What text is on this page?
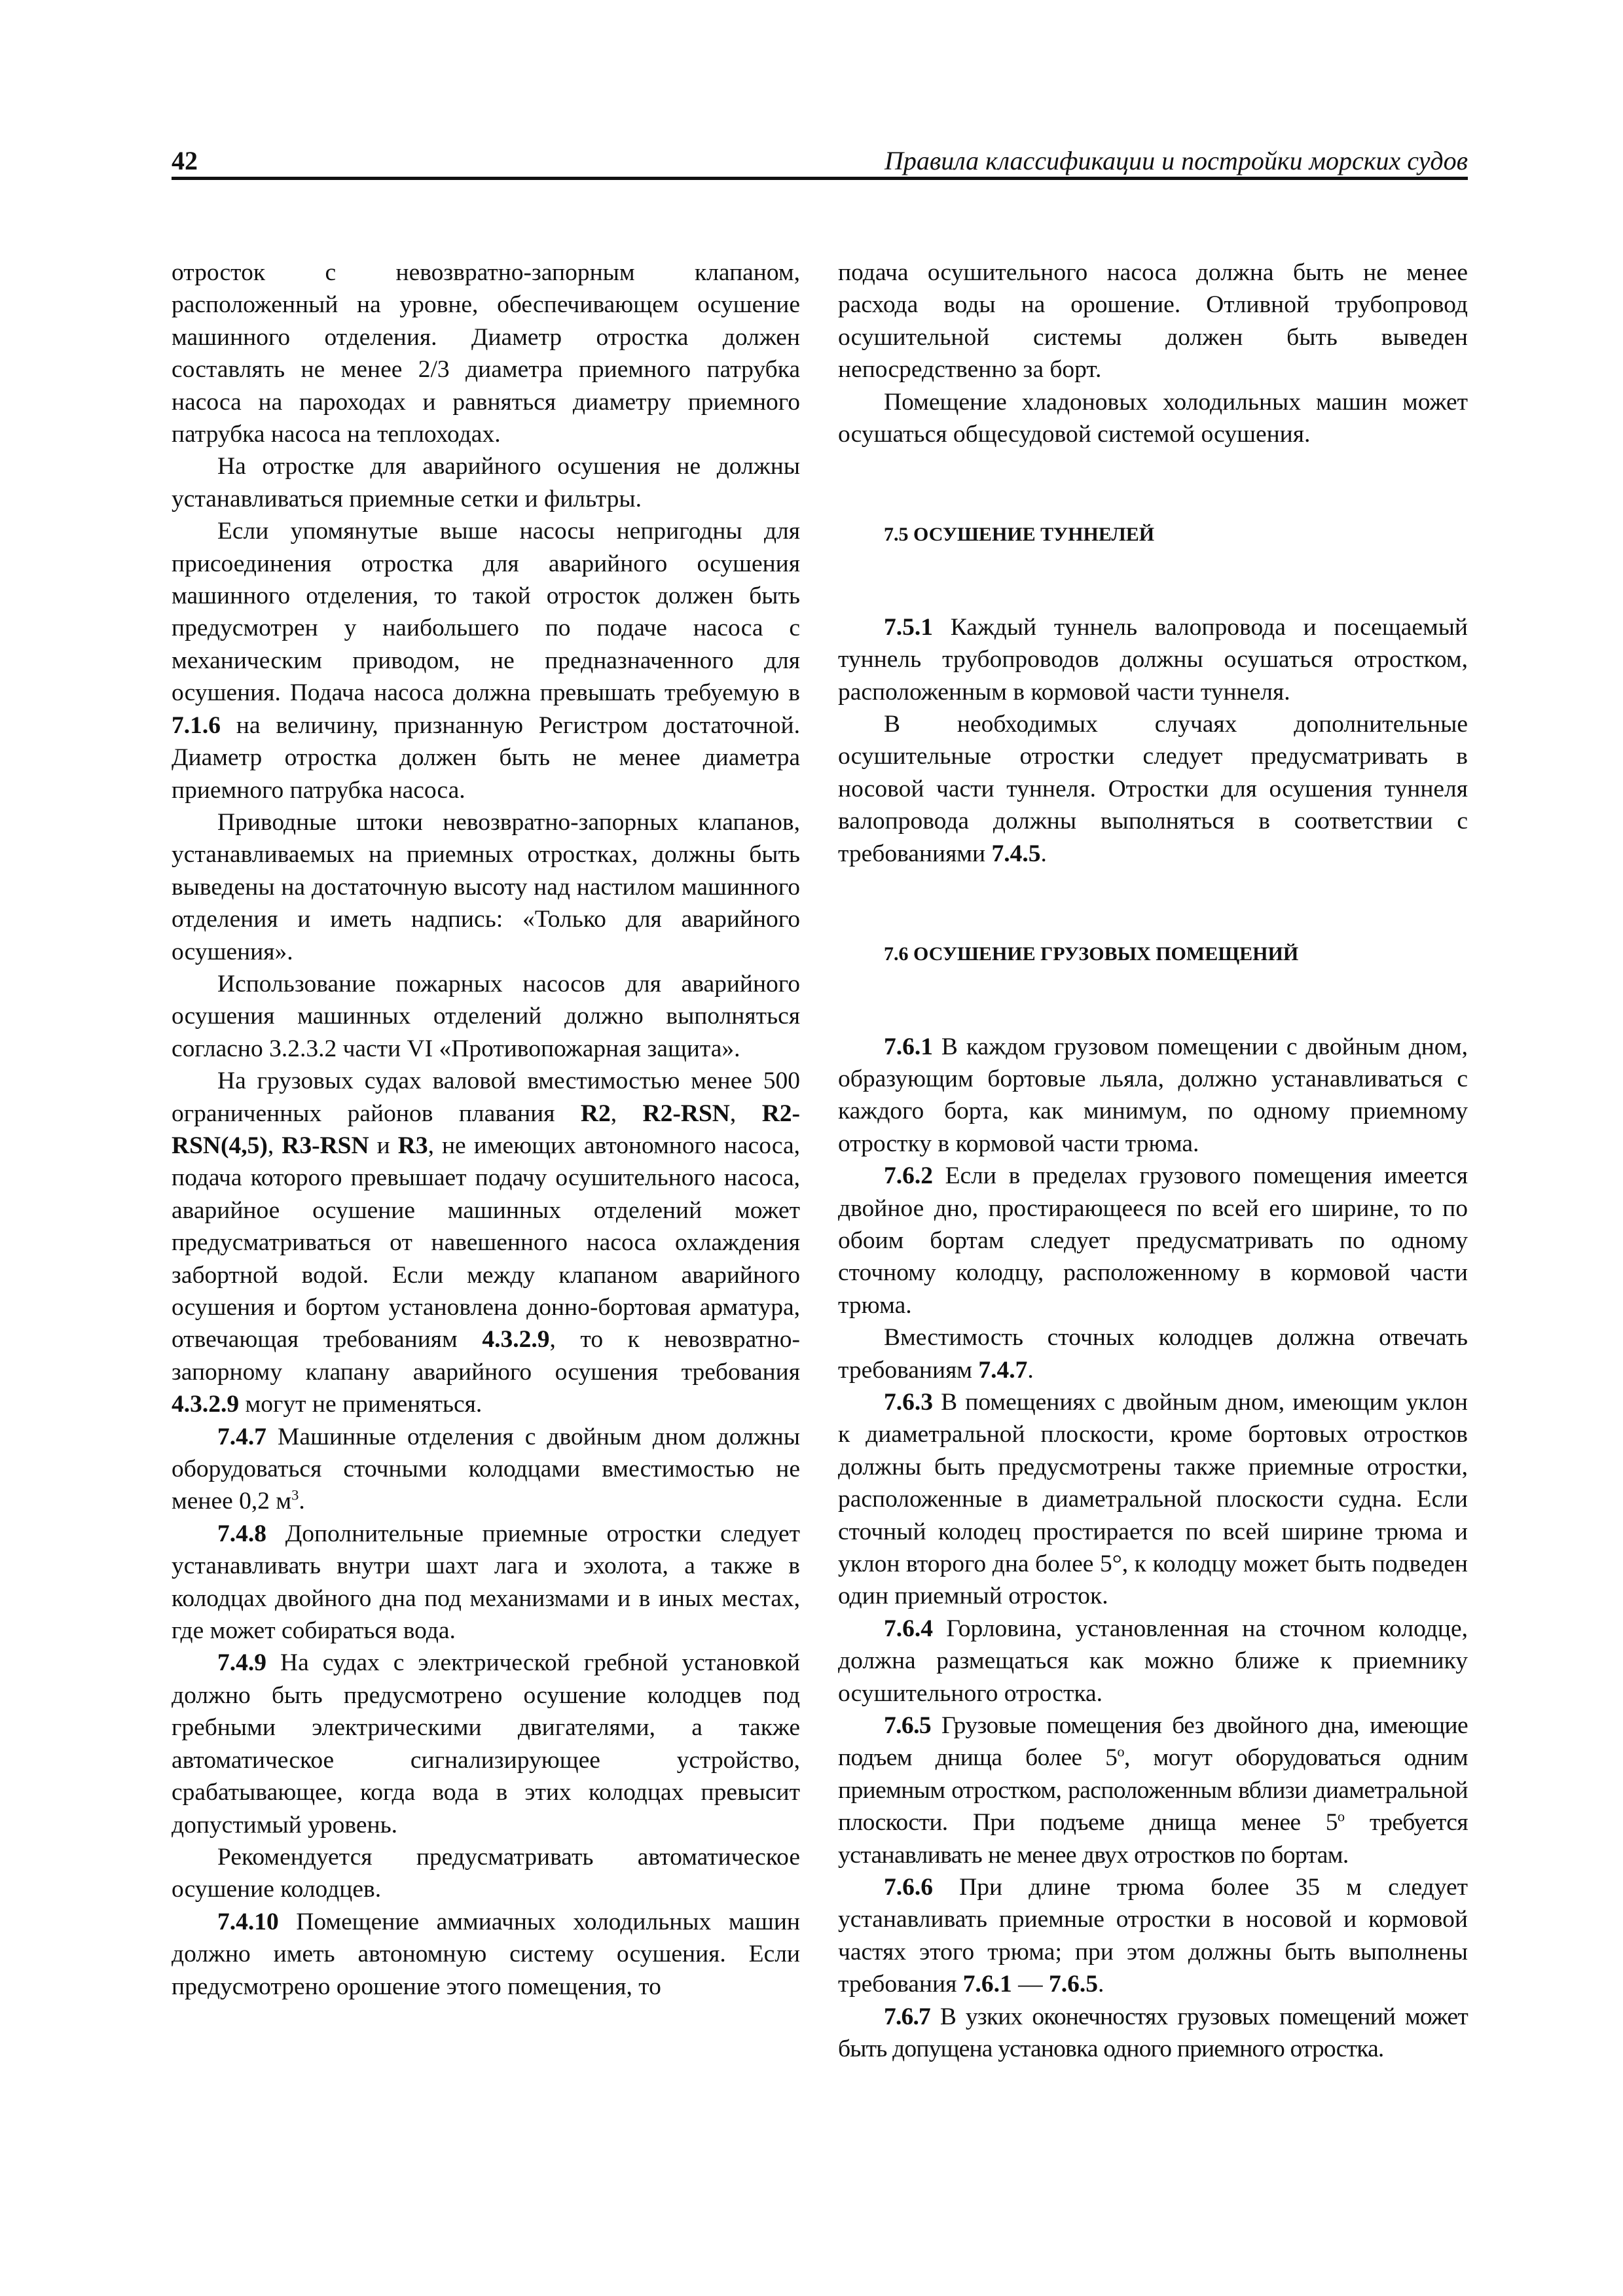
42	Правила классификации и постройки морских судов

отросток с невозвратно-запорным клапаном, расположенный на уровне, обеспечивающем осушение машинного отделения. Диаметр отростка должен составлять не менее 2/3 диаметра приемного патрубка насоса на пароходах и равняться диаметру приемного патрубка насоса на теплоходах.

На отростке для аварийного осушения не должны устанавливаться приемные сетки и фильтры.

Если упомянутые выше насосы непригодны для присоединения отростка для аварийного осушения машинного отделения, то такой отросток должен быть предусмотрен у наибольшего по подаче насоса с механическим приводом, не предназначенного для осушения. Подача насоса должна превышать требуемую в 7.1.6 на величину, признанную Регистром достаточной. Диаметр отростка должен быть не менее диаметра приемного патрубка насоса.

Приводные штоки невозвратно-запорных клапанов, устанавливаемых на приемных отростках, должны быть выведены на достаточную высоту над настилом машинного отделения и иметь надпись: «Только для аварийного осушения».

Использование пожарных насосов для аварийного осушения машинных отделений должно выполняться согласно 3.2.3.2 части VI «Противопожарная защита».

На грузовых судах валовой вместимостью менее 500 ограниченных районов плавания R2, R2-RSN, R2-RSN(4,5), R3-RSN и R3, не имеющих автономного насоса, подача которого превышает подачу осушительного насоса, аварийное осушение машинных отделений может предусматриваться от навешенного насоса охлаждения забортной водой. Если между клапаном аварийного осушения и бортом установлена донно-бортовая арматура, отвечающая требованиям 4.3.2.9, то к невозвратно-запорному клапану аварийного осушения требования 4.3.2.9 могут не применяться.

7.4.7 Машинные отделения с двойным дном должны оборудоваться сточными колодцами вместимостью не менее 0,2 $м^3$.

7.4.8 Дополнительные приемные отростки следует устанавливать внутри шахт лага и эхолота, а также в колодцах двойного дна под механизмами и в иных местах, где может собираться вода.

7.4.9 На судах с электрической гребной установкой должно быть предусмотрено осушение колодцев под гребными электрическими двигателями, а также автоматическое сигнализирующее устройство, срабатывающее, когда вода в этих колодцах превысит допустимый уровень.

Рекомендуется предусматривать автоматическое осушение колодцев.

7.4.10 Помещение аммиачных холодильных машин должно иметь автономную систему осушения. Если предусмотрено орошение этого помещения, то

подача осушительного насоса должна быть не менее расхода воды на орошение. Отливной трубопровод осушительной системы должен быть выведен непосредственно за борт.

Помещение хладоновых холодильных машин может осушаться общесудовой системой осушения.

7.5 ОСУШЕНИЕ ТУННЕЛЕЙ

7.5.1 Каждый туннель валопровода и посещаемый туннель трубопроводов должны осушаться отростком, расположенным в кормовой части туннеля.

В необходимых случаях дополнительные осушительные отростки следует предусматривать в носовой части туннеля. Отростки для осушения туннеля валопровода должны выполняться в соответствии с требованиями 7.4.5.

7.6 ОСУШЕНИЕ ГРУЗОВЫХ ПОМЕЩЕНИЙ

7.6.1 В каждом грузовом помещении с двойным дном, образующим бортовые льяла, должно устанавливаться с каждого борта, как минимум, по одному приемному отростку в кормовой части трюма.

7.6.2 Если в пределах грузового помещения имеется двойное дно, простирающееся по всей его ширине, то по обоим бортам следует предусматривать по одному сточному колодцу, расположенному в кормовой части трюма.

Вместимость сточных колодцев должна отвечать требованиям 7.4.7.

7.6.3 В помещениях с двойным дном, имеющим уклон к диаметральной плоскости, кроме бортовых отростков должны быть предусмотрены также приемные отростки, расположенные в диаметральной плоскости судна. Если сточный колодец простирается по всей ширине трюма и уклон второго дна более 5°, к колодцу может быть подведен один приемный отросток.

7.6.4 Горловина, установленная на сточном колодце, должна размещаться как можно ближе к приемнику осушительного отростка.

7.6.5 Грузовые помещения без двойного дна, имеющие подъем днища более 5$^o$, могут оборудоваться одним приемным отростком, расположенным вблизи диаметральной плоскости. При подъеме днища менее 5$^o$ требуется устанавливать не менее двух отростков по бортам.

7.6.6 При длине трюма более 35 м следует устанавливать приемные отростки в носовой и кормовой частях этого трюма; при этом должны быть выполнены требования 7.6.1 — 7.6.5.

7.6.7 В узких оконечностях грузовых помещений может быть допущена установка одного приемного отростка.
